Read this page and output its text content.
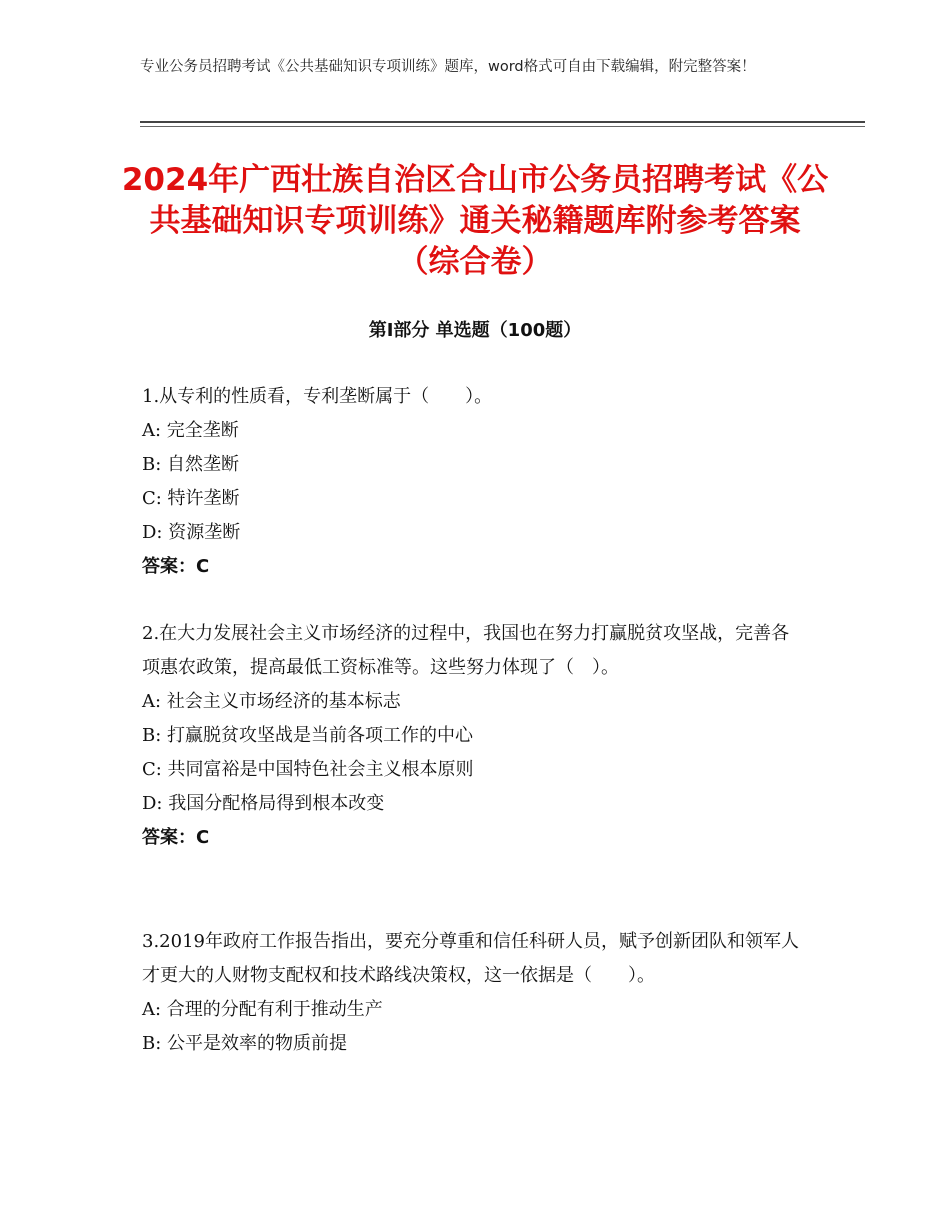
专业公务员招聘考试《公共基础知识专项训练》题库，word格式可自由下载编辑，附完整答案！
2024年广西壮族自治区合山市公务员招聘考试《公共基础知识专项训练》通关秘籍题库附参考答案（综合卷）
第Ⅰ部分 单选题（100题）
1.从专利的性质看，专利垄断属于（　　）。
A: 完全垄断
B: 自然垄断
C: 特许垄断
D: 资源垄断
答案：C
2.在大力发展社会主义市场经济的过程中，我国也在努力打赢脱贫攻坚战，完善各项惠农政策，提高最低工资标准等。这些努力体现了（　）。
A: 社会主义市场经济的基本标志
B: 打赢脱贫攻坚战是当前各项工作的中心
C: 共同富裕是中国特色社会主义根本原则
D: 我国分配格局得到根本改变
答案：C
3.2019年政府工作报告指出，要充分尊重和信任科研人员，赋予创新团队和领军人才更大的人财物支配权和技术路线决策权，这一依据是（　　）。
A: 合理的分配有利于推动生产
B: 公平是效率的物质前提
